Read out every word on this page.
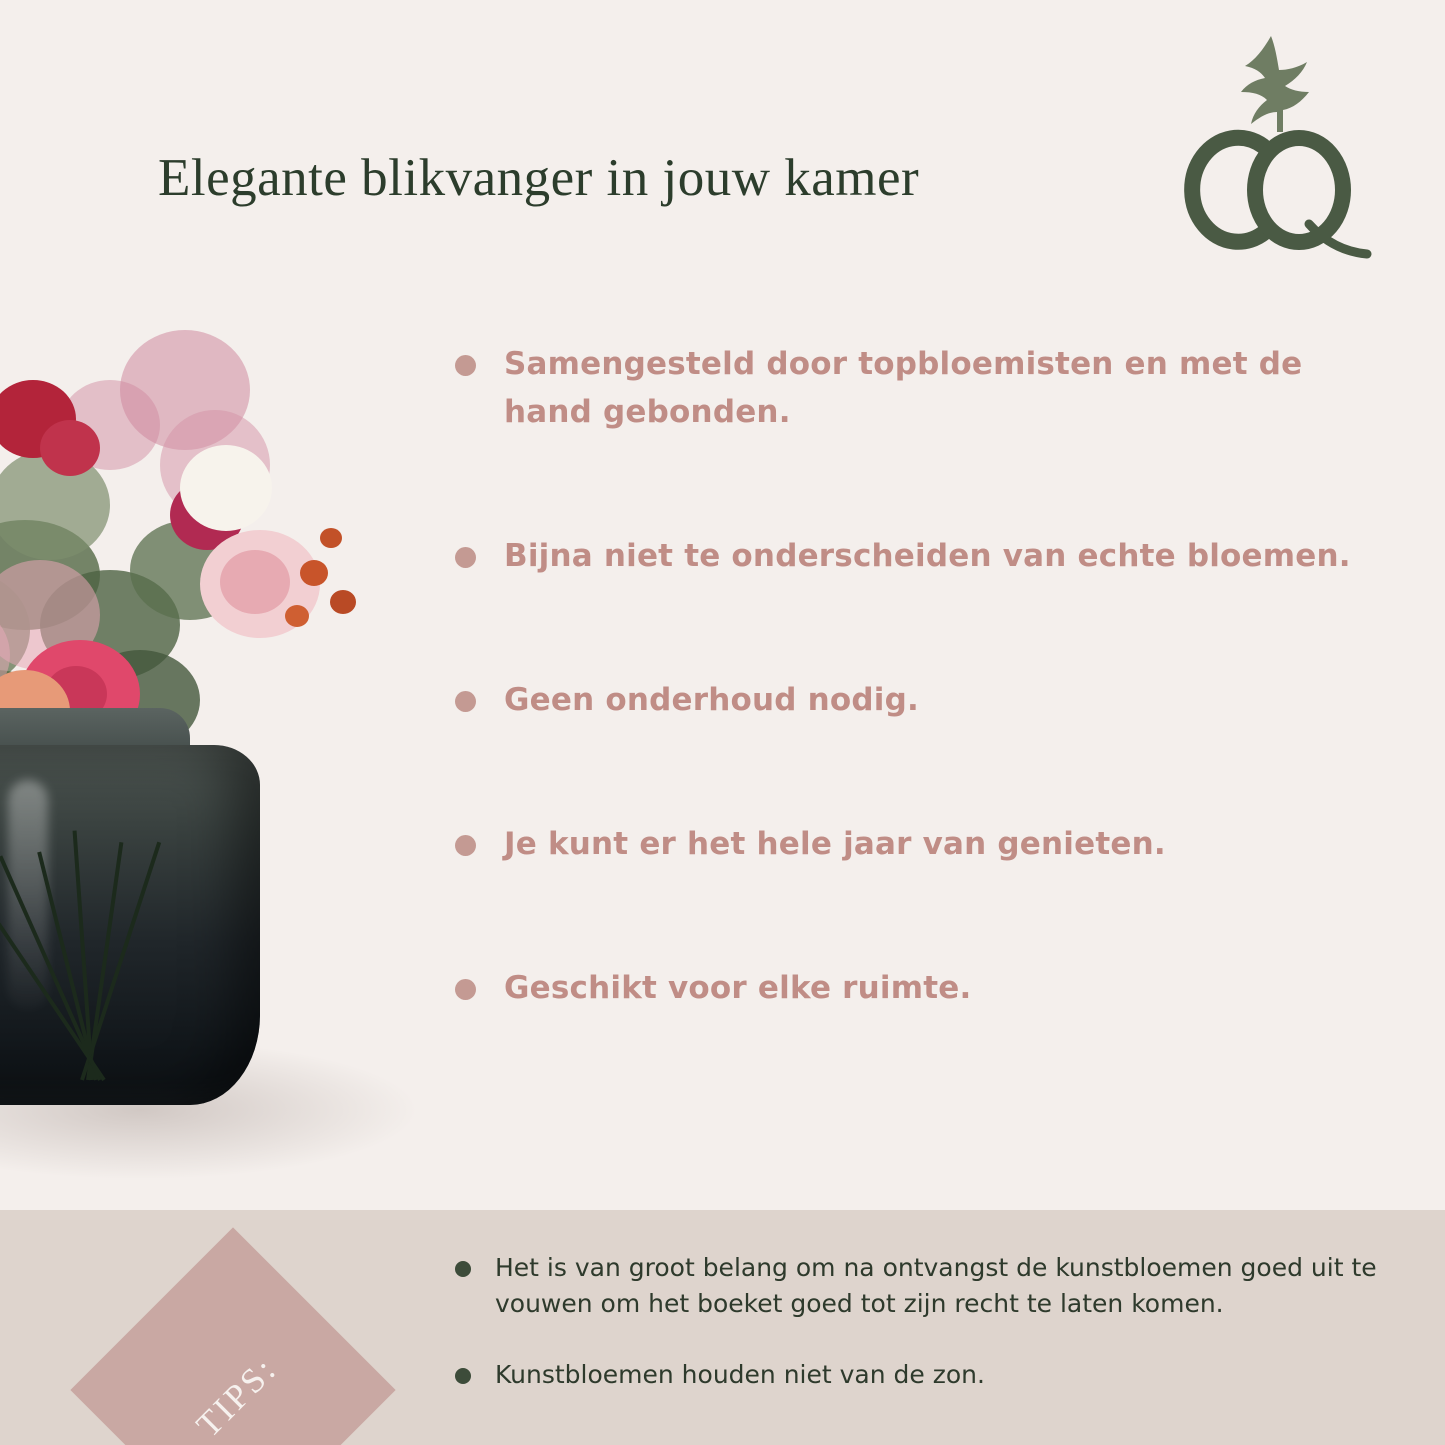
Elegante blikvanger in jouw kamer
Samengesteld door topbloemisten en met de hand gebonden.
Bijna niet te onderscheiden van echte bloemen.
Geen onderhoud nodig.
Je kunt er het hele jaar van genieten.
Geschikt voor elke ruimte.
TIPS:
Het is van groot belang om na ontvangst de kunstbloemen goed uit te vouwen om het boeket goed tot zijn recht te laten komen.
Kunstbloemen houden niet van de zon.
